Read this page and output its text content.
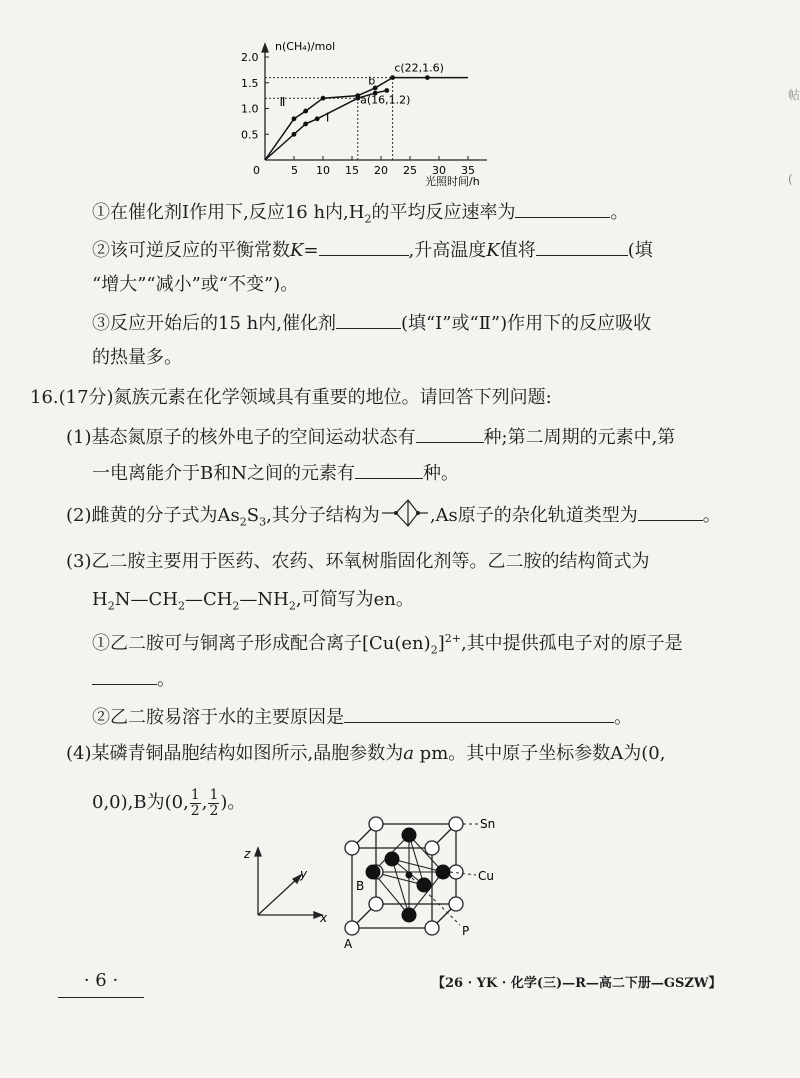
n(CH₄)/mol
光照时间/h
0	5 10 15 20 25 30 35
0.5
1.0
1.5
2.0
Ⅰ
Ⅱ
c(22,1.6)
b
a(16,1.2)
①在催化剂Ⅰ作用下,反应16 h内$,H_2$的平均反应速率为	。
②该可逆反应的平衡常数K=	,升高温度K值将	(填
“增大”“减小”或“不变”)。
③反应开始后的15 h内,催化剂	(填“Ⅰ”或“Ⅱ”)作用下的反应吸收
的热量多。
16.(17分)氮族元素在化学领域具有重要的地位。请回答下列问题:
(1)基态氮原子的核外电子的空间运动状态有	种;第二周期的元素中,第
一电离能介于B和N之间的元素有	种。
(2)雌黄的分子式为$As_2S_3$,其分子结构为	,As原子的杂化轨道类型为	。
(3)乙二胺主要用于医药、农药、环氧树脂固化剂等。乙二胺的结构简式为
$H_2N—CH_2—CH_2—NH_2$,可简写为en。
①乙二胺可与铜离子形成配合离子$[Cu(en)_2]^{2+}$,其中提供孤电子对的原子是
。
②乙二胺易溶于水的主要原因是	。
(4)某磷青铜晶胞结构如图所示,晶胞参数为a pm。其中原子坐标参数A为(0,
0,0),B为(0, $\frac{1}{2}$ , $\frac{1}{2}$ )。
z
y
x
Sn
Cu
B
P
A
· 6 ·	【26 · YK · 化学(三)—R—高二下册—GSZW】
帖
(
